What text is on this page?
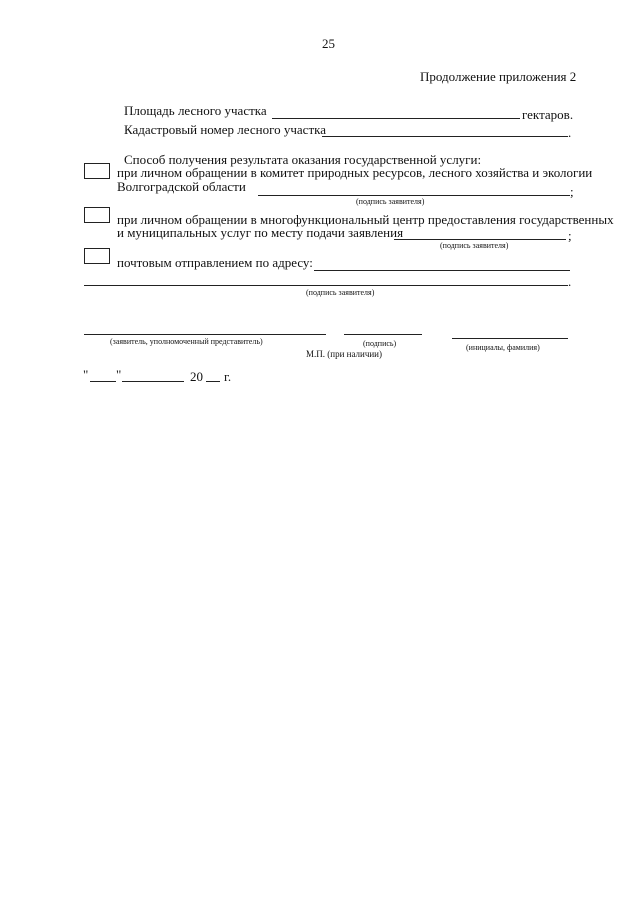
25
Продолжение приложения 2
Площадь лесного участка	гектаров.
Кадастровый номер лесного участка	.
Способ получения результата оказания государственной услуги:
при личном обращении в комитет природных ресурсов, лесного хозяйства и экологии
Волгоградской области	;
(подпись заявителя)
при личном обращении в многофункциональный центр предоставления государственных
и муниципальных услуг по месту подачи заявления	;
(подпись заявителя)
почтовым отправлением по адресу:
.
(подпись заявителя)
(заявитель, уполномоченный представитель)	(подпись)	(инициалы, фамилия)
М.П. (при наличии)
" "	20 г.
